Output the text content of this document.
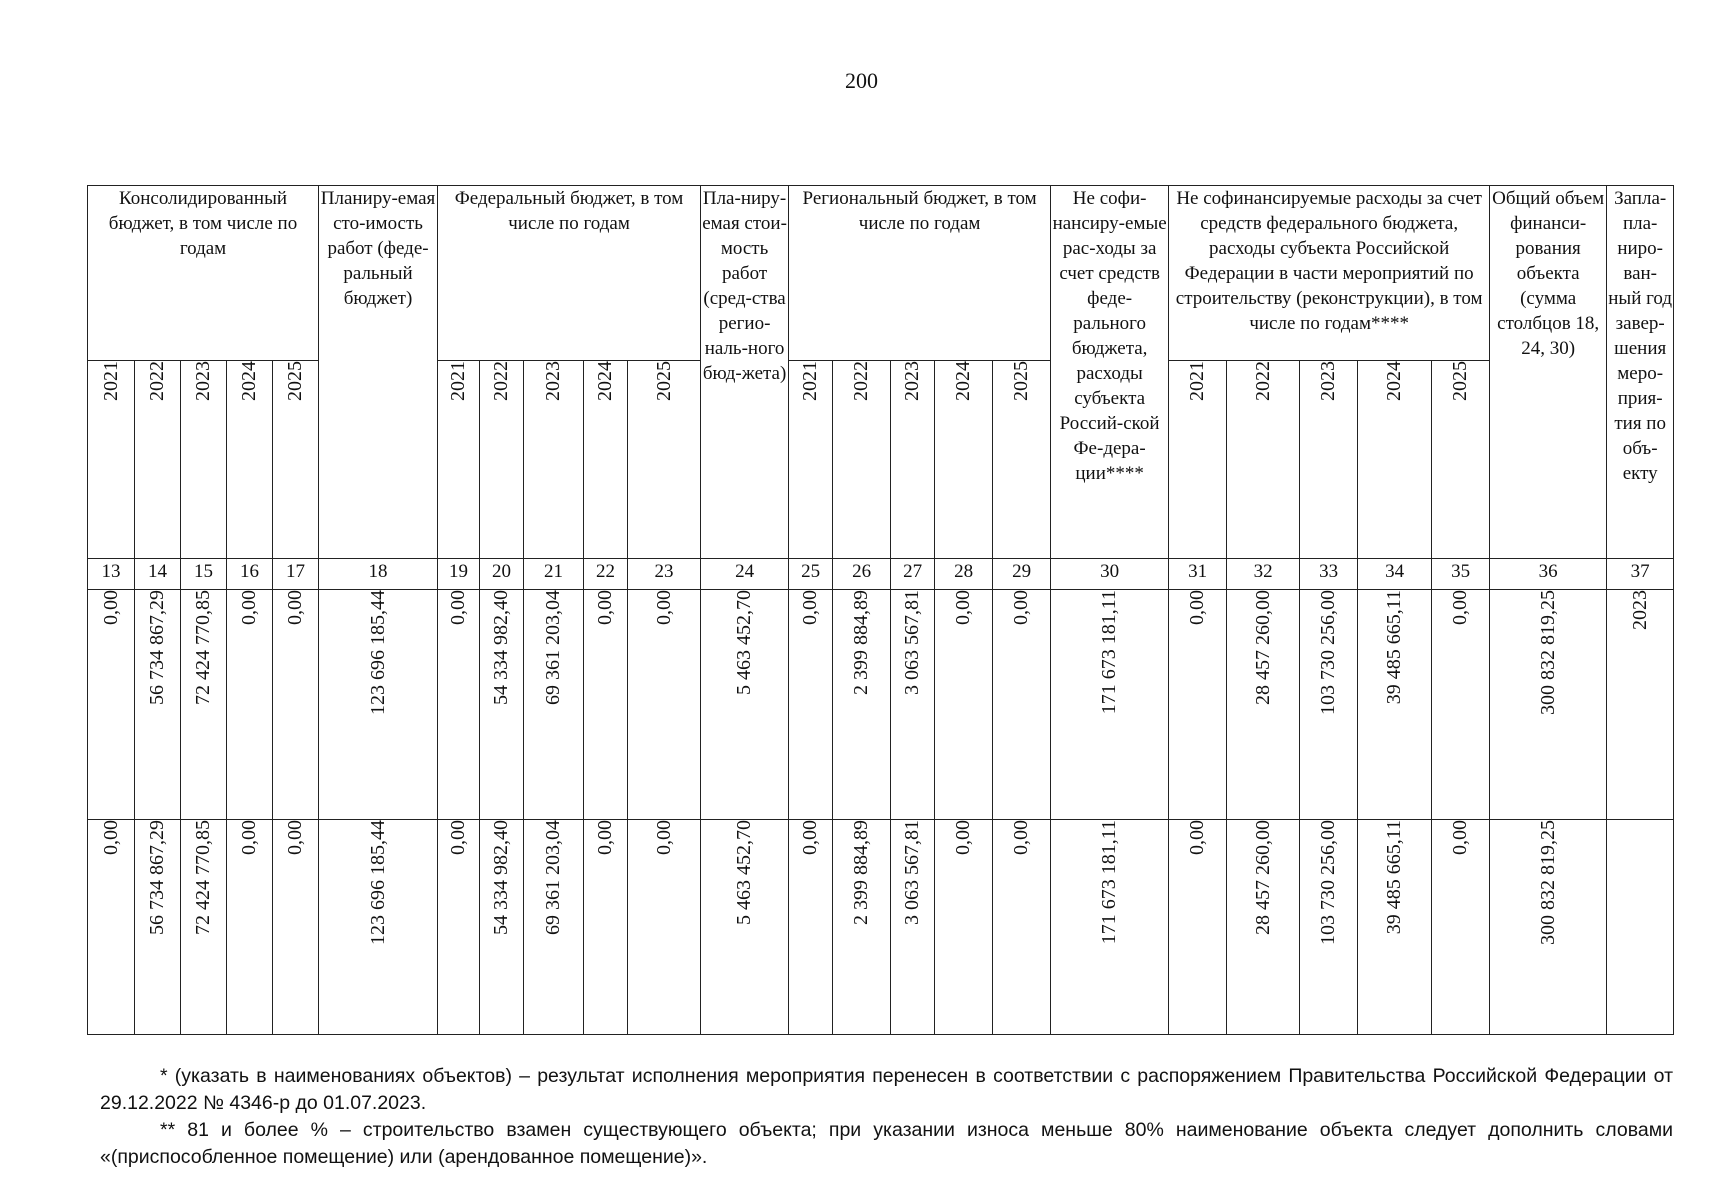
200
Консолидированный бюджет, в том числе по годам					Планиру-емая сто-имость работ (феде-ральный бюджет)	Федеральный бюджет, в том числе по годам					Пла-ниру-емая стои-мость работ (сред-ства регио-наль-ного бюд-жета)	Региональный бюджет, в том числе по годам					Не софи-нансиру-емые рас-ходы за счет средств феде-рального бюджета, расходы субъекта Россий-ской Фе-дера-ции****	Не софинансируемые расходы за счет средств федерального бюджета, расходы субъекта Российской Федерации в части мероприятий по строительству (реконструкции), в том числе по годам****					Общий объем финанси-рования объекта (сумма столбцов 18, 24, 30)	Запла-пла-ниро-ван-ный год завер-шения меро-прия-тия по объ-екту
2021	2022	2023	2024	2025		2021	2022	2023	2024	2025		2021	2022	2023	2024	2025		2021	2022	2023	2024	2025		
13	14	15	16	17	18	19	20	21	22	23	24	25	26	27	28	29	30	31	32	33	34	35	36	37
0,00	56 734 867,29	72 424 770,85	0,00	0,00	123 696 185,44	0,00	54 334 982,40	69 361 203,04	0,00	0,00	5 463 452,70	0,00	2 399 884,89	3 063 567,81	0,00	0,00	171 673 181,11	0,00	28 457 260,00	103 730 256,00	39 485 665,11	0,00	300 832 819,25	2023
0,00	56 734 867,29	72 424 770,85	0,00	0,00	123 696 185,44	0,00	54 334 982,40	69 361 203,04	0,00	0,00	5 463 452,70	0,00	2 399 884,89	3 063 567,81	0,00	0,00	171 673 181,11	0,00	28 457 260,00	103 730 256,00	39 485 665,11	0,00	300 832 819,25	

* (указать в наименованиях объектов) – результат исполнения мероприятия перенесен в соответствии с распоряжением Правительства Российской Федерации от 29.12.2022 № 4346-р до 01.07.2023.

** 81 и более % – строительство взамен существующего объекта; при указании износа меньше 80% наименование объекта следует дополнить словами «(приспособленное помещение) или (арендованное помещение)».
